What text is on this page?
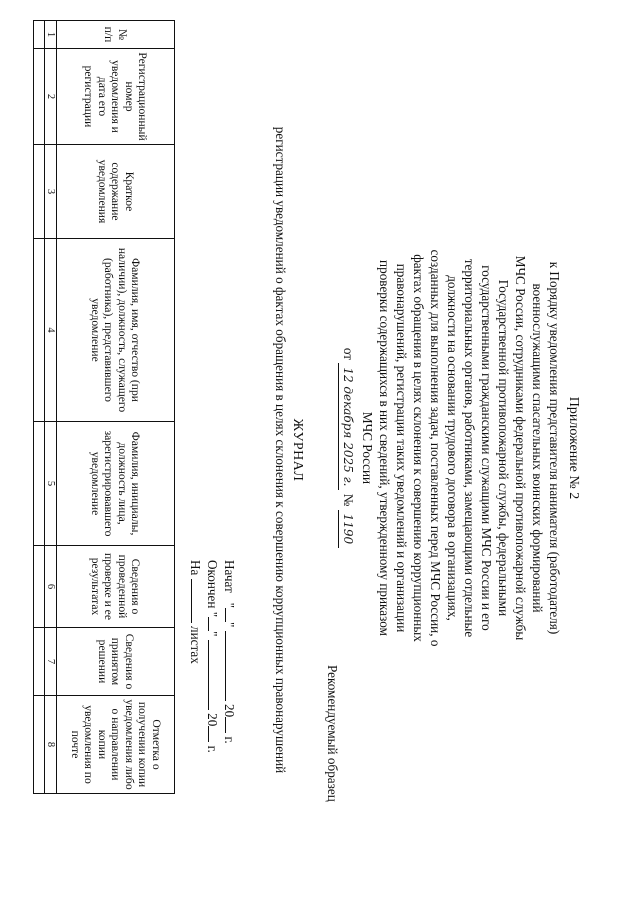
Приложение № 2
к Порядку уведомления представителя нанимателя (работодателя)
военнослужащими спасательных воинских формирований
МЧС России, сотрудниками федеральной противопожарной службы
Государственной противопожарной службы, федеральными
государственными гражданскими служащими МЧС России и его
территориальных органов, работниками, замещающими отдельные
должности на основании трудового договора в организациях,
созданных для выполнения задач, поставленных перед МЧС России, о
фактах обращения в целях склонения к совершению коррупционных
правонарушений, регистрации таких уведомлений и организации
проверки содержащихся в них сведений, утвержденному приказом
МЧС России
от 12 декабря 2025 г. № 1190
Рекомендуемый образец
ЖУРНАЛ
регистрации уведомлений о фактах обращения в целях склонения к совершению коррупционных правонарушений
Начат   ""  20 г.
Окончен ""  20 г.
На  листах
№ п/п	Регистрационный номер уведомления и дата его регистрации	Краткое содержание уведомления	Фамилия, имя, отчество (при наличии), должность, служащего (работника), представившего уведомление	Фамилия, инициалы, должность лица, зарегистрировавшего уведомление	Сведения о проведенной проверке и ее результатах	Сведения о принятом решении	Отметка о получении копии уведомления либо о направлении копии уведомления по почте
1	2	3	4	5	6	7	8
